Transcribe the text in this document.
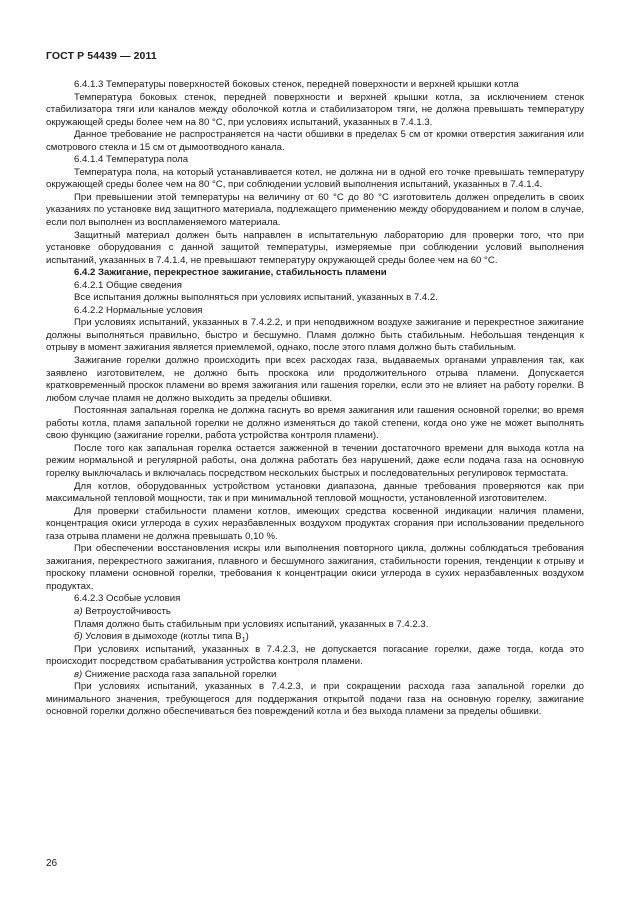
ГОСТ Р 54439 — 2011

6.4.1.3 Температуры поверхностей боковых стенок, передней поверхности и верхней крышки котла

Температура боковых стенок, передней поверхности и верхней крышки котла, за исключением стенок стабилизатора тяги или каналов между оболочкой котла и стабилизатором тяги, не должна превышать температуру окружающей среды более чем на 80 °С, при условиях испытаний, указанных в 7.4.1.3.

Данное требование не распространяется на части обшивки в пределах 5 см от кромки отверстия зажигания или смотрового стекла и 15 см от дымоотводного канала.

6.4.1.4 Температура пола

Температура пола, на который устанавливается котел, не должна ни в одной его точке превышать температуру окружающей среды более чем на 80 °С, при соблюдении условий выполнения испытаний, указанных в 7.4.1.4.

При превышении этой температуры на величину от 60 °С до 80 °С изготовитель должен определить в своих указаниях по установке вид защитного материала, подлежащего применению между оборудованием и полом в случае, если пол выполнен из воспламеняемого материала.

Защитный материал должен быть направлен в испытательную лабораторию для проверки того, что при установке оборудования с данной защитой температуры, измеряемые при соблюдении условий выполнения испытаний, указанных в 7.4.1.4, не превышают температуру окружающей среды более чем на 60 °С.

6.4.2 Зажигание, перекрестное зажигание, стабильность пламени

6.4.2.1 Общие сведения

Все испытания должны выполняться при условиях испытаний, указанных в 7.4.2.

6.4.2.2 Нормальные условия

При условиях испытаний, указанных в 7.4.2.2, и при неподвижном воздухе зажигание и перекрестное зажигание должны выполняться правильно, быстро и бесшумно. Пламя должно быть стабильным. Небольшая тенденция к отрыву в момент зажигания является приемлемой, однако, после этого пламя должно быть стабильным.

Зажигание горелки должно происходить при всех расходах газа, выдаваемых органами управления так, как заявлено изготовителем, не должно быть проскока или продолжительного отрыва пламени. Допускается кратковременный проскок пламени во время зажигания или гашения горелки, если это не влияет на работу горелки. В любом случае пламя не должно выходить за пределы обшивки.

Постоянная запальная горелка не должна гаснуть во время зажигания или гашения основной горелки; во время работы котла, пламя запальной горелки не должно изменяться до такой степени, когда оно уже не может выполнять свою функцию (зажигание горелки, работа устройства контроля пламени).

После того как запальная горелка остается зажженной в течении достаточного времени для выхода котла на режим нормальной и регулярной работы, она должна работать без нарушений, даже если подача газа на основную горелку выключалась и включалась посредством нескольких быстрых и последовательных регулировок термостата.

Для котлов, оборудованных устройством установки диапазона, данные требования проверяются как при максимальной тепловой мощности, так и при минимальной тепловой мощности, установленной изготовителем.

Для проверки стабильности пламени котлов, имеющих средства косвенной индикации наличия пламени, концентрация окиси углерода в сухих неразбавленных воздухом продуктах сгорания при использовании предельного газа отрыва пламени не должна превышать 0,10 %.

При обеспечении восстановления искры или выполнения повторного цикла, должны соблюдаться требования зажигания, перекрестного зажигания, плавного и бесшумного зажигания, стабильности горения, тенденции к отрыву и проскоку пламени основной горелки, требования к концентрации окиси углерода в сухих неразбавленных воздухом продуктах.

6.4.2.3 Особые условия

а) Ветроустойчивость

Пламя должно быть стабильным при условиях испытаний, указанных в 7.4.2.3.

б) Условия в дымоходе (котлы типа $В_1$)

При условиях испытаний, указанных в 7.4.2.3, не допускается погасание горелки, даже тогда, когда это происходит посредством срабатывания устройства контроля пламени.

в) Снижение расхода газа запальной горелки

При условиях испытаний, указанных в 7.4.2.3, и при сокращении расхода газа запальной горелки до минимального значения, требующегося для поддержания открытой подачи газа на основную горелку, зажигание основной горелки должно обеспечиваться без повреждений котла и без выхода пламени за пределы обшивки.

26
